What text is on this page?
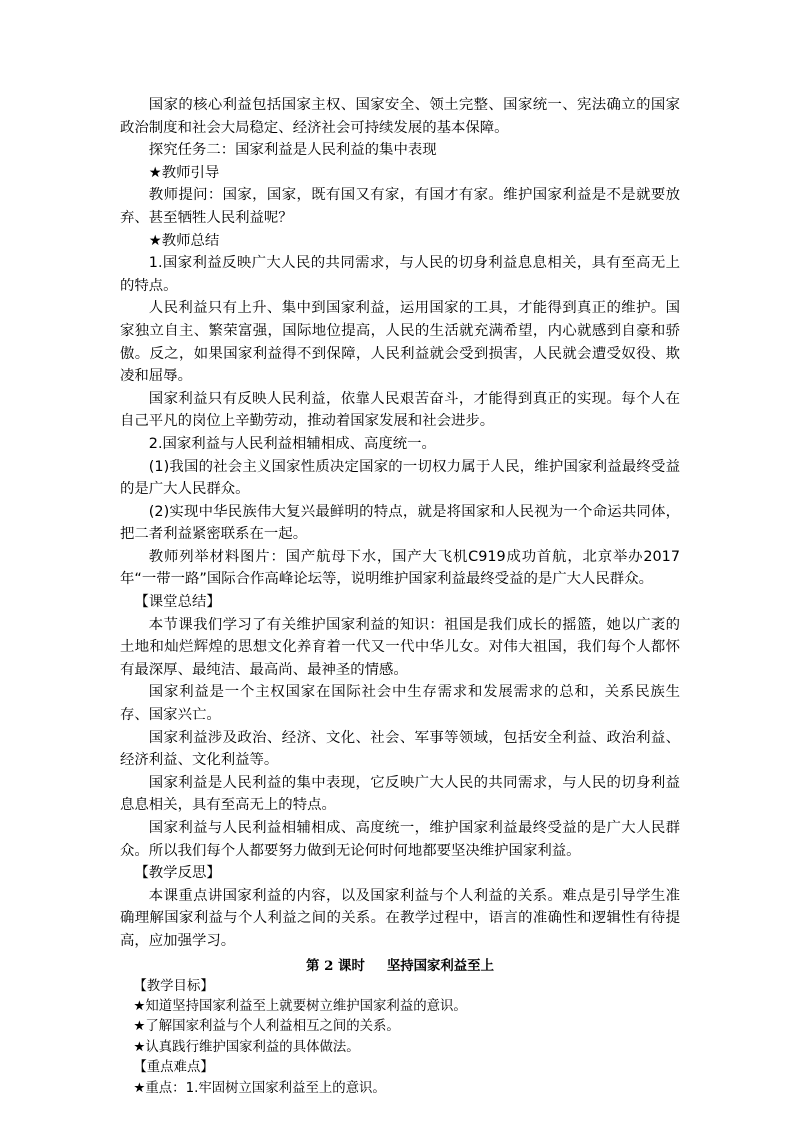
国家的核心利益包括国家主权、国家安全、领土完整、国家统一、宪法确立的国家政治制度和社会大局稳定、经济社会可持续发展的基本保障。

探究任务二：国家利益是人民利益的集中表现

★教师引导

教师提问：国家，国家，既有国又有家，有国才有家。维护国家利益是不是就要放弃、甚至牺牲人民利益呢？

★教师总结

1.国家利益反映广大人民的共同需求，与人民的切身利益息息相关，具有至高无上的特点。

人民利益只有上升、集中到国家利益，运用国家的工具，才能得到真正的维护。国家独立自主、繁荣富强，国际地位提高，人民的生活就充满希望，内心就感到自豪和骄傲。反之，如果国家利益得不到保障，人民利益就会受到损害，人民就会遭受奴役、欺凌和屈辱。

国家利益只有反映人民利益，依靠人民艰苦奋斗，才能得到真正的实现。每个人在自己平凡的岗位上辛勤劳动，推动着国家发展和社会进步。

2.国家利益与人民利益相辅相成、高度统一。

(1)我国的社会主义国家性质决定国家的一切权力属于人民，维护国家利益最终受益的是广大人民群众。

(2)实现中华民族伟大复兴最鲜明的特点，就是将国家和人民视为一个命运共同体，把二者利益紧密联系在一起。

教师列举材料图片：国产航母下水，国产大飞机C919成功首航，北京举办2017年“一带一路”国际合作高峰论坛等，说明维护国家利益最终受益的是广大人民群众。

【课堂总结】

本节课我们学习了有关维护国家利益的知识：祖国是我们成长的摇篮，她以广袤的土地和灿烂辉煌的思想文化养育着一代又一代中华儿女。对伟大祖国，我们每个人都怀有最深厚、最纯洁、最高尚、最神圣的情感。

国家利益是一个主权国家在国际社会中生存需求和发展需求的总和，关系民族生存、国家兴亡。

国家利益涉及政治、经济、文化、社会、军事等领域，包括安全利益、政治利益、经济利益、文化利益等。

国家利益是人民利益的集中表现，它反映广大人民的共同需求，与人民的切身利益息息相关，具有至高无上的特点。

国家利益与人民利益相辅相成、高度统一，维护国家利益最终受益的是广大人民群众。所以我们每个人都要努力做到无论何时何地都要坚决维护国家利益。

【教学反思】

本课重点讲国家利益的内容，以及国家利益与个人利益的关系。难点是引导学生准确理解国家利益与个人利益之间的关系。在教学过程中，语言的准确性和逻辑性有待提高，应加强学习。

第 2 课时 坚持国家利益至上

【教学目标】

★知道坚持国家利益至上就要树立维护国家利益的意识。

★了解国家利益与个人利益相互之间的关系。

★认真践行维护国家利益的具体做法。

【重点难点】

★重点：1.牢固树立国家利益至上的意识。
